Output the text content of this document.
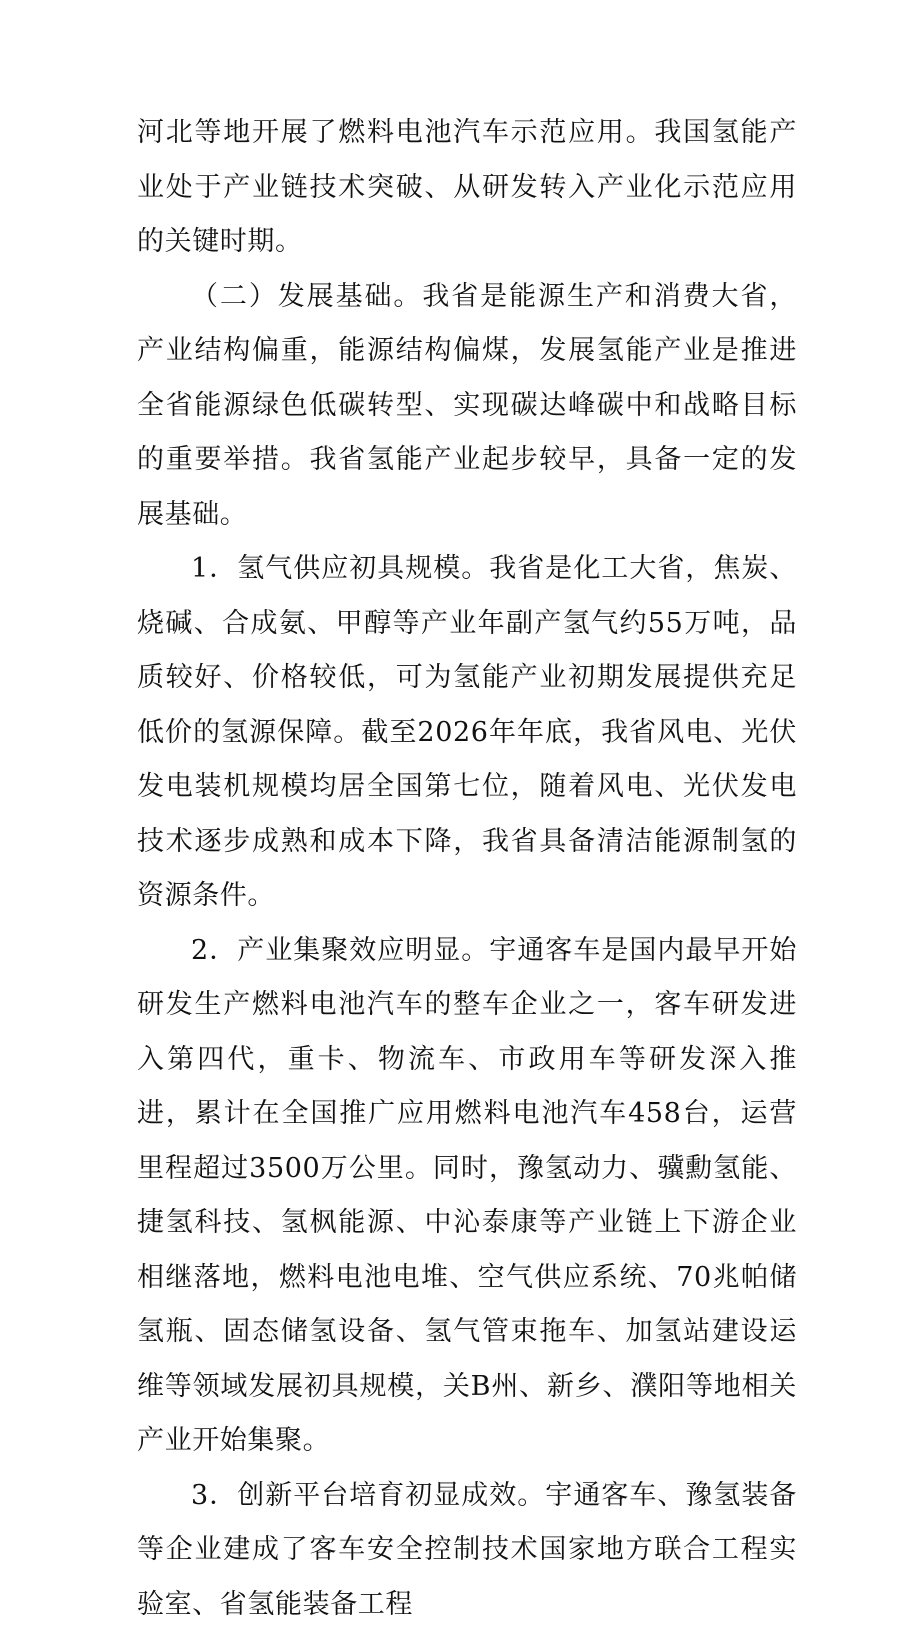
河北等地开展了燃料电池汽车示范应用。我国氢能产业处于产业链技术突破、从研发转入产业化示范应用的关键时期。

（二）发展基础。我省是能源生产和消费大省，产业结构偏重，能源结构偏煤，发展氢能产业是推进全省能源绿色低碳转型、实现碳达峰碳中和战略目标的重要举措。我省氢能产业起步较早，具备一定的发展基础。

1．氢气供应初具规模。我省是化工大省，焦炭、烧碱、合成氨、甲醇等产业年副产氢气约55万吨，品质较好、价格较低，可为氢能产业初期发展提供充足低价的氢源保障。截至2026年年底，我省风电、光伏发电装机规模均居全国第七位，随着风电、光伏发电技术逐步成熟和成本下降，我省具备清洁能源制氢的资源条件。

2．产业集聚效应明显。宇通客车是国内最早开始研发生产燃料电池汽车的整车企业之一，客车研发进入第四代，重卡、物流车、市政用车等研发深入推进，累计在全国推广应用燃料电池汽车458台，运营里程超过3500万公里。同时，豫氢动力、骥勳氢能、捷氢科技、氢枫能源、中沁泰康等产业链上下游企业相继落地，燃料电池电堆、空气供应系统、70兆帕储氢瓶、固态储氢设备、氢气管束拖车、加氢站建设运维等领域发展初具规模，关B州、新乡、濮阳等地相关产业开始集聚。

3．创新平台培育初显成效。宇通客车、豫氢装备等企业建成了客车安全控制技术国家地方联合工程实验室、省氢能装备工程
